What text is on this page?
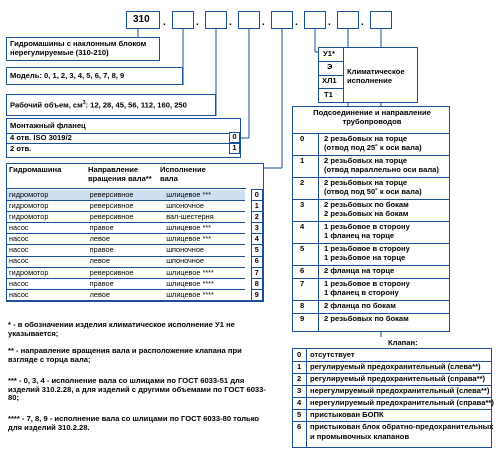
310 .	.	.	.	.	.	.
Гидромашины с наклонным блоком нерегулируемые (310-210)
Модель: 0, 1, 2, 3, 4, 5, 6, 7, 8, 9
Рабочий объем, $см^3$: 12, 28, 45, 56, 112, 160, 250
Монтажный фланец
4 отв. ISO 3019/2
2 отв.
0
1
Гидромашина	Направление вращения вала**
Исполнение вала
гидромотор	реверсивное	шлицевое ***		0
гидромотор	реверсивное	шпоночное		1
гидромотор	реверсивное	вал-шестерня		2
насос	правое	шлицевое ***		3
насос	левое	шлицевое ***		4
насос	правое	шпоночное		5
насос	левое	шпоночное		6
гидромотор	реверсивное	шлицевое ****		7
насос	правое	шлицевое ****		8
насос	левое	шлицевое ****		9
* - в обозначении изделия климатическое исполнение У1 не указывается;
** - направление вращения вала и расположение клапана при взгляде с торца вала;
*** - 0, 3, 4 - исполнение вала со шлицами по ГОСТ 6033-51 для изделий 310.2.28, а для изделий с другими объемами по ГОСТ 6033-80;
**** - 7, 8, 9 - исполнение вала со шлицами по ГОСТ 6033-80 только для изделий 310.2.28.
У1*
Э
ХЛ1
Т1
Климатическое исполнение
Подсоединение и направление трубопроводов
0	2 резьбовых на торце
(отвод под 25˚ к оси вала)
1	2 резьбовых на торце
(отвод параллельно оси вала)
2	2 резьбовых на торце
(отвод под 50˚ к оси вала)
3	2 резьбовых по бокам
2 резьбовых на бокам
4	1 резьбовое в сторону
1 фланец на торце
5	1 резьбовое в сторону
1 резьбовое на торце
6	2 фланца на торце
7	1 резьбовое в сторону
1 фланец в сторону
8	2 фланца по бокам
9	2 резьбовых по бокам
Клапан:
0 отсутствует
1 регулируемый предохранительный (слева**)
2 регулируемый предохранительный (справа**)
3 нерегулируемый предохранительный (слева**)
4 нерегулируемый предохранительный (справа**)
5 пристыкован БОПК
6 пристыкован блок обратно-предохранительных
и промывочных клапанов
